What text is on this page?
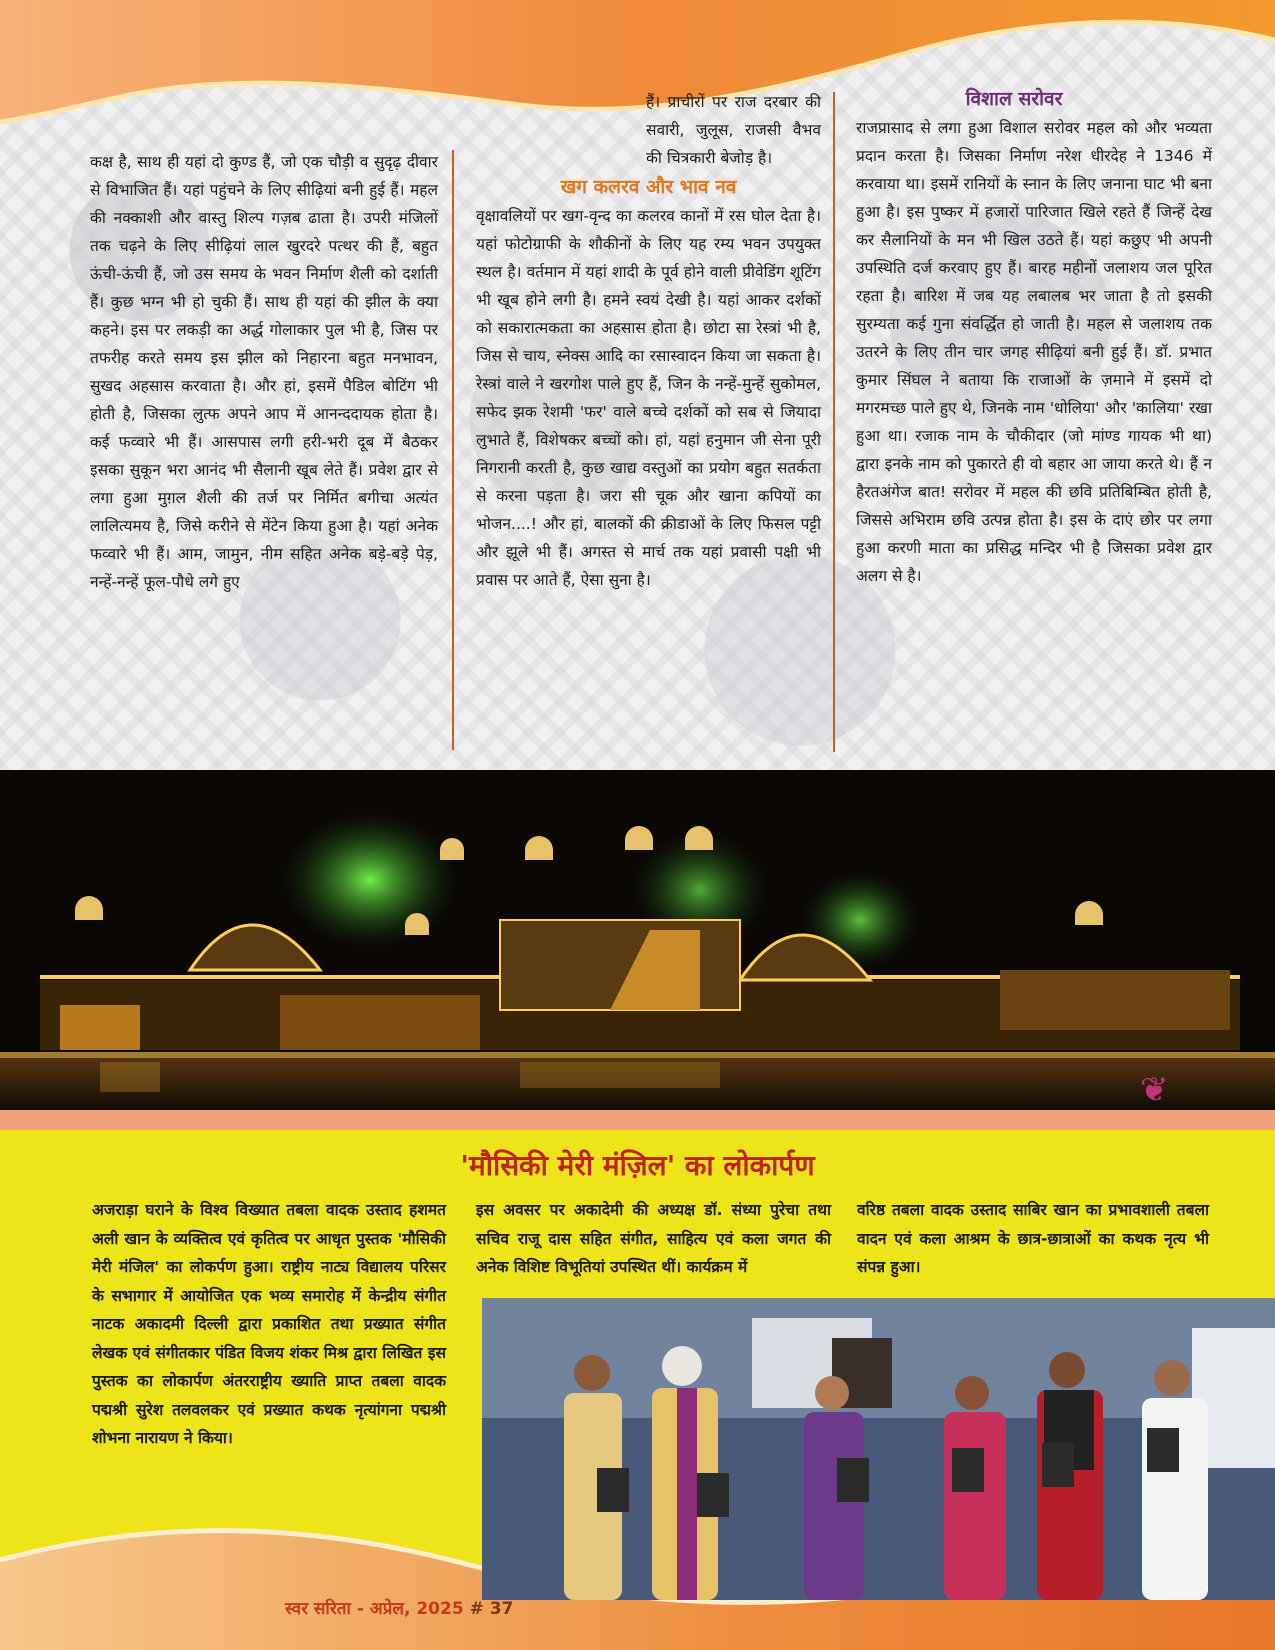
कक्ष है, साथ ही यहां दो कुण्ड हैं, जो एक चौड़ी व सुदृढ़ दीवार से विभाजित हैं। यहां पहुंचने के लिए सीढ़ियां बनी हुई हैं। महल की नक्काशी और वास्तु शिल्प गज़ब ढाता है। उपरी मंजिलों तक चढ़ने के लिए सीढ़ियां लाल खुरदरे पत्थर की हैं, बहुत ऊंची-ऊंची हैं, जो उस समय के भवन निर्माण शैली को दर्शाती हैं। कुछ भग्न भी हो चुकी हैं। साथ ही यहां की झील के क्या कहने। इस पर लकड़ी का अर्द्ध गोलाकार पुल भी है, जिस पर तफरीह करते समय इस झील को निहारना बहुत मनभावन, सुखद अहसास करवाता है। और हां, इसमें पैडिल बोटिंग भी होती है, जिसका लुत्फ अपने आप में आनन्ददायक होता है। कई फव्वारे भी हैं। आसपास लगी हरी-भरी दूब में बैठकर इसका सुकून भरा आनंद भी सैलानी खूब लेते हैं। प्रवेश द्वार से लगा हुआ मुग़ल शैली की तर्ज पर निर्मित बगीचा अत्यंत लालित्यमय है, जिसे करीने से मेंटेन किया हुआ है। यहां अनेक फव्वारे भी हैं। आम, जामुन, नीम सहित अनेक बड़े-बड़े पेड़, नन्हें-नन्हें फूल-पौधे लगे हुए

हैं। प्राचीरों पर राज दरबार की सवारी, जुलूस, राजसी वैभव की चित्रकारी बेजोड़ है।

खग कलरव और भाव नव

वृक्षावलियों पर खग-वृन्द का कलरव कानों में रस घोल देता है। यहां फोटोग्राफी के शौकीनों के लिए यह रम्य भवन उपयुक्त स्थल है। वर्तमान में यहां शादी के पूर्व होने वाली प्रीवेडिंग शूटिंग भी खूब होने लगी है। हमने स्वयं देखी है। यहां आकर दर्शकों को सकारात्मकता का अहसास होता है। छोटा सा रेस्त्रां भी है, जिस से चाय, स्नेक्स आदि का रसास्वादन किया जा सकता है। रेस्त्रां वाले ने खरगोश पाले हुए हैं, जिन के नन्हें-मुन्हें सुकोमल, सफेद झक रेशमी 'फर' वाले बच्चे दर्शकों को सब से जियादा लुभाते हैं, विशेषकर बच्चों को। हां, यहां हनुमान जी सेना पूरी निगरानी करती है, कुछ खाद्य वस्तुओं का प्रयोग बहुत सतर्कता से करना पड़ता है। जरा सी चूक और खाना कपियों का भोजन....! और हां, बालकों की क्रीडाओं के लिए फिसल पट्टी और झूले भी हैं। अगस्त से मार्च तक यहां प्रवासी पक्षी भी प्रवास पर आते हैं, ऐसा सुना है।

विशाल सरोवर

राजप्रासाद से लगा हुआ विशाल सरोवर महल को और भव्यता प्रदान करता है। जिसका निर्माण नरेश धीरदेह ने 1346 में करवाया था। इसमें रानियों के स्नान के लिए जनाना घाट भी बना हुआ है। इस पुष्कर में हजारों पारिजात खिले रहते हैं जिन्हें देख कर सैलानियों के मन भी खिल उठते हैं। यहां कछुए भी अपनी उपस्थिति दर्ज करवाए हुए हैं। बारह महीनों जलाशय जल पूरित रहता है। बारिश में जब यह लबालब भर जाता है तो इसकी सुरम्यता कई गुना संवर्द्धित हो जाती है। महल से जलाशय तक उतरने के लिए तीन चार जगह सीढ़ियां बनी हुई हैं। डॉ. प्रभात कुमार सिंघल ने बताया कि राजाओं के ज़माने में इसमें दो मगरमच्छ पाले हुए थे, जिनके नाम 'धोलिया' और 'कालिया' रखा हुआ था। रजाक नाम के चौकीदार (जो मांण्ड गायक भी था) द्वारा इनके नाम को पुकारते ही वो बहार आ जाया करते थे। हैं न हैरतअंगेज बात! सरोवर में महल की छवि प्रतिबिम्बित होती है, जिससे अभिराम छवि उत्पन्न होता है। इस के दाएं छोर पर लगा हुआ करणी माता का प्रसिद्ध मन्दिर भी है जिसका प्रवेश द्वार अलग से है।

❦
'मौसिकी मेरी मंज़िल' का लोकार्पण
अजराड़ा घराने के विश्व विख्यात तबला वादक उस्ताद हशमत अली खान के व्यक्तित्व एवं कृतित्व पर आधृत पुस्तक 'मौसिकी मेरी मंजिल' का लोकर्पण हुआ। राष्ट्रीय नाट्य विद्यालय परिसर के सभागार में आयोजित एक भव्य समारोह में केन्द्रीय संगीत नाटक अकादमी दिल्ली द्वारा प्रकाशित तथा प्रख्यात संगीत लेखक एवं संगीतकार पंडित विजय शंकर मिश्र द्वारा लिखित इस पुस्तक का लोकार्पण अंतरराष्ट्रीय ख्याति प्राप्त तबला वादक पद्मश्री सुरेश तलवलकर एवं प्रख्यात कथक नृत्यांगना पद्मश्री शोभना नारायण ने किया।
इस अवसर पर अकादेमी की अध्यक्ष डॉ. संध्या पुरेचा तथा सचिव राजू दास सहित संगीत, साहित्य एवं कला जगत की अनेक विशिष्ट विभूतियां उपस्थित थीं। कार्यक्रम में
वरिष्ठ तबला वादक उस्ताद साबिर खान का प्रभावशाली तबला वादन एवं कला आश्रम के छात्र-छात्राओं का कथक नृत्य भी संपन्न हुआ।
स्वर सरिता - अप्रेल, 2025 # 37
